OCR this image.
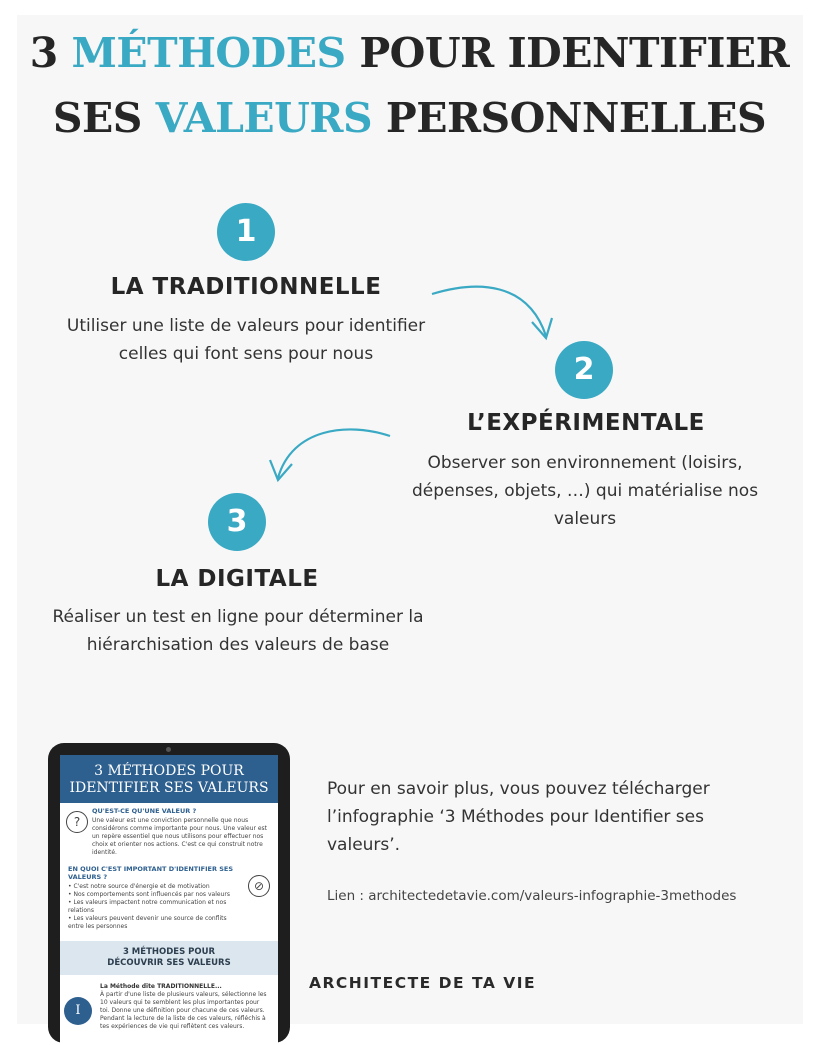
3 MÉTHODES POUR IDENTIFIER
SES VALEURS PERSONNELLES
1
LA TRADITIONNELLE
Utiliser une liste de valeurs pour identifier
celles qui font sens pour nous	2
L’EXPÉRIMENTALE
Observer son environnement (loisirs,
dépenses, objets, …) qui matérialise nos
valeurs
3
LA DIGITALE
Réaliser un test en ligne pour déterminer la
hiérarchisation des valeurs de base
3 MÉTHODES POUR
IDENTIFIER SES VALEURS
?
QU'EST-CE QU'UNE VALEUR ?
Une valeur est une conviction personnelle que nous considérons comme importante pour nous. Une valeur est un repère essentiel que nous utilisons pour effectuer nos choix et orienter nos actions. C'est ce qui construit notre identité.
⊘
EN QUOI C'EST IMPORTANT D'IDENTIFIER SES VALEURS ?
• C'est notre source d'énergie et de motivation
• Nos comportements sont influencés par nos valeurs
• Les valeurs impactent notre communication et nos relations
• Les valeurs peuvent devenir une source de conflits entre les personnes
3 MÉTHODES POUR
DÉCOUVRIR SES VALEURS
I
La Méthode dite TRADITIONNELLE...
À partir d'une liste de plusieurs valeurs, sélectionne les 10 valeurs qui te semblent les plus importantes pour toi. Donne une définition pour chacune de ces valeurs. Pendant la lecture de la liste de ces valeurs, réfléchis à tes expériences de vie qui reflètent ces valeurs.
Pour en savoir plus, vous pouvez télécharger l’infographie ‘3 Méthodes pour Identifier ses valeurs’.
Lien : architectedetavie.com/valeurs-infographie-3methodes
ARCHITECTE DE TA VIE
